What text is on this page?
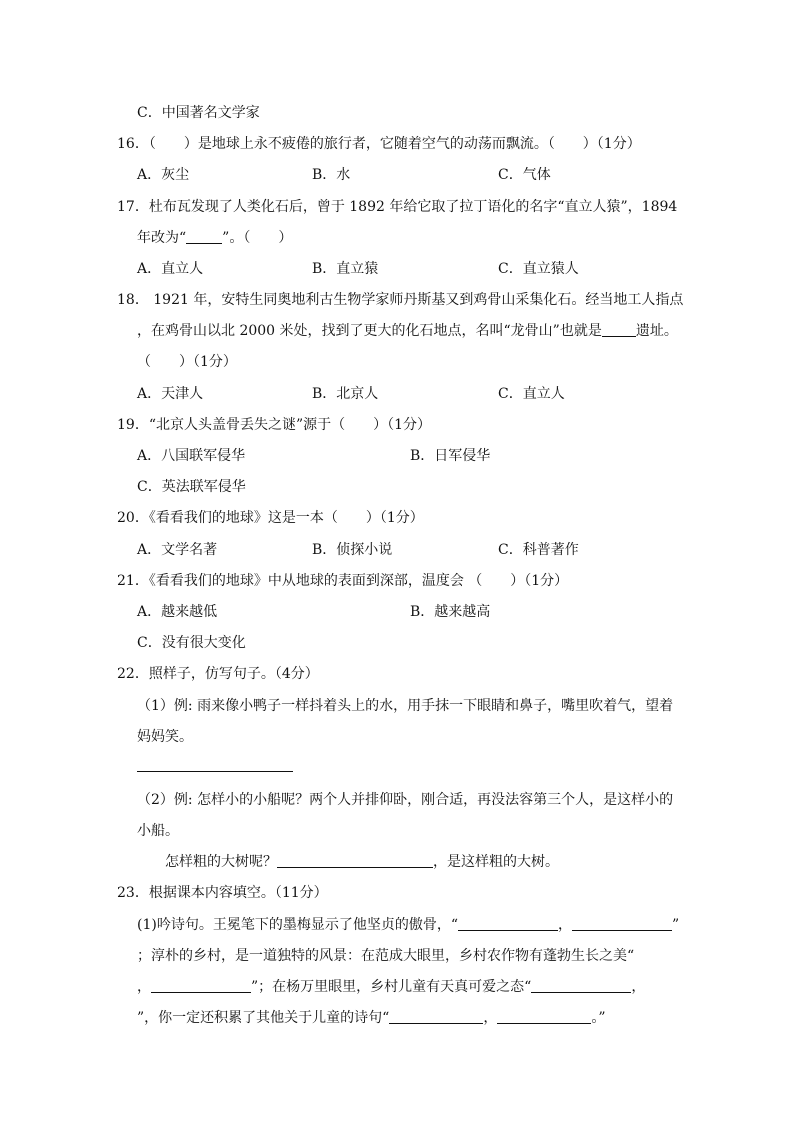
C．中国著名文学家
16．（　　）是地球上永不疲倦的旅行者，它随着空气的动荡而飘流。（　　）（1分）
A．灰尘	B．水	C．气体
17．杜布瓦发现了人类化石后，曾于 1892 年给它取了拉丁语化的名字“直立人猿”，1894
年改为“	”。（　　）
A．直立人	B．直立猿	C．直立猿人
18． 1921 年，安特生同奥地利古生物学家师丹斯基又到鸡骨山采集化石。经当地工人指点
，在鸡骨山以北 2000 米处，找到了更大的化石地点，名叫“龙骨山”也就是 遗址。
（　　）（1分）
A．天津人	B．北京人	C．直立人
19．“北京人头盖骨丢失之谜”源于（　　）（1分）
A．八国联军侵华	B．日军侵华
C．英法联军侵华
20．《看看我们的地球》这是一本（　　）（1分）
A．文学名著	B．侦探小说	C．科普著作
21．《看看我们的地球》中从地球的表面到深部，温度会 （　　）（1分）
A．越来越低	B．越来越高
C．没有很大变化
22．照样子，仿写句子。（4分）
（1）例: 雨来像小鸭子一样抖着头上的水，用手抹一下眼睛和鼻子，嘴里吹着气，望着
妈妈笑。
（2）例: 怎样小的小船呢？两个人并排仰卧，刚合适，再没法容第三个人，是这样小的
小船。
怎样粗的大树呢？	，是这样粗的大树。
23．根据课本内容填空。（11分）
(1)吟诗句。王冕笔下的墨梅显示了他坚贞的傲骨，“	，	”
；淳朴的乡村，是一道独特的风景：在范成大眼里，乡村农作物有蓬勃生长之美“
，	”；在杨万里眼里，乡村儿童有天真可爱之态“	，
”，你一定还积累了其他关于儿童的诗句“	，	。”
